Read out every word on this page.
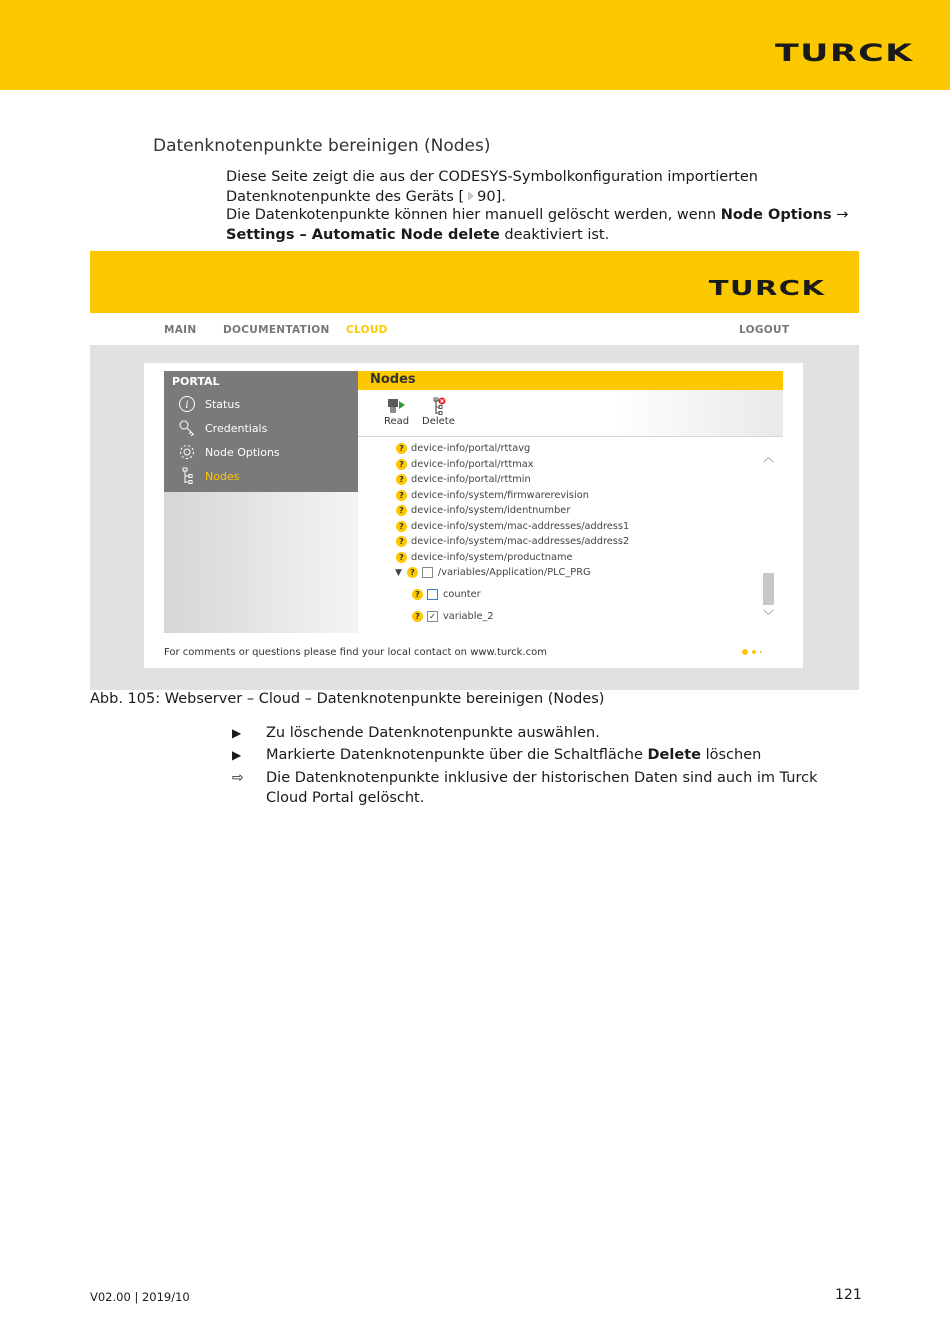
TURCK
Datenknotenpunkte bereinigen (Nodes)
Diese Seite zeigt die aus der CODESYS-Symbolkonfiguration importierten Datenknotenpunkte des Geräts [ 90].
Die Datenkotenpunkte können hier manuell gelöscht werden, wenn Node Options → Settings – Automatic Node delete deaktiviert ist.
TURCK
MAIN	DOCUMENTATION CLOUD	LOGOUT
PORTAL
i Status
Credentials
Node Options
Nodes
Nodes
Read Delete
? device-info/portal/rttavg
? device-info/portal/rttmax
? device-info/portal/rttmin
? device-info/system/firmwarerevision
? device-info/system/identnumber
? device-info/system/mac-addresses/address1
? device-info/system/mac-addresses/address2
? device-info/system/productname
▼	?	/variables/Application/PLC_PRG
?	counter
?	✓ variable_2
︿
﹀
For comments or questions please find your local contact on www.turck.com
Abb. 105: Webserver – Cloud – Datenknotenpunkte bereinigen (Nodes)
▶	Zu löschende Datenknotenpunkte auswählen.
▶	Markierte Datenknotenpunkte über die Schaltfläche Delete löschen
⇨	Die Datenknotenpunkte inklusive der historischen Daten sind auch im Turck Cloud Portal gelöscht.
V02.00 | 2019/10	121
